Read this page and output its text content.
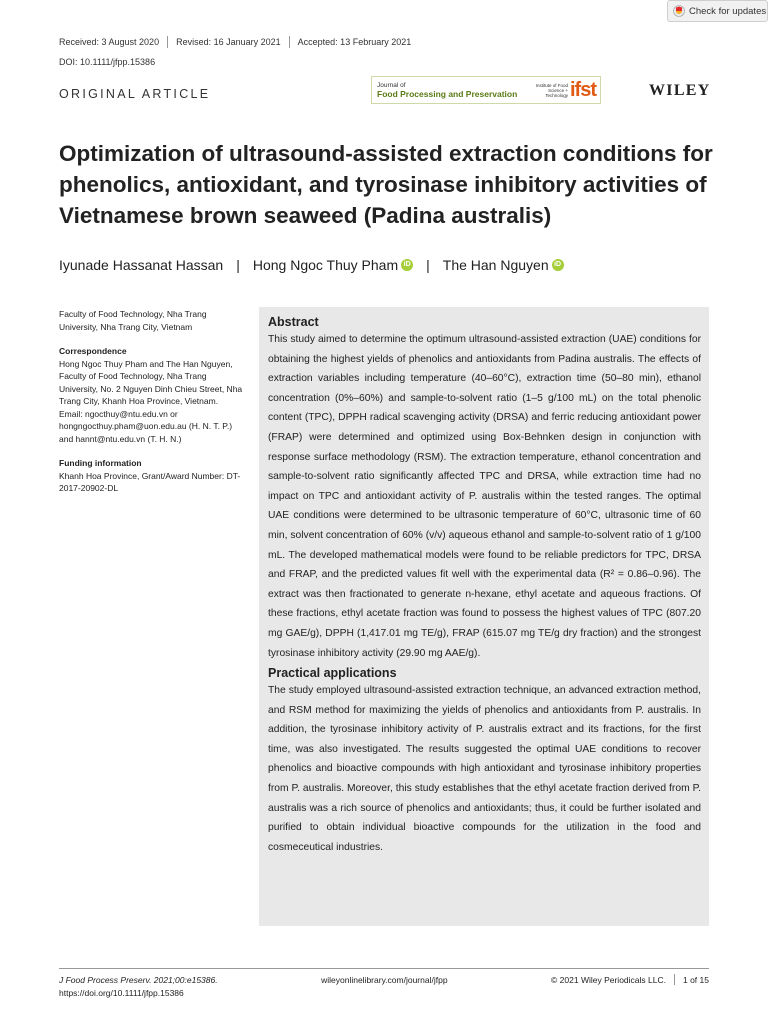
Check for updates
Received: 3 August 2020 Revised: 16 January 2021 Accepted: 13 February 2021
DOI: 10.1111/jfpp.15386
ORIGINAL ARTICLE
Journal of
Food Processing and Preservation
Institute of Food Science + Technology ifst	WILEY
Optimization of ultrasound-assisted extraction conditions for phenolics, antioxidant, and tyrosinase inhibitory activities of Vietnamese brown seaweed (Padina australis)
Iyunade Hassanat Hassan | Hong Ngoc Thuy Pham iD | The Han Nguyen iD

Faculty of Food Technology, Nha Trang University, Nha Trang City, Vietnam

Correspondence

Hong Ngoc Thuy Pham and The Han Nguyen, Faculty of Food Technology, Nha Trang University, No. 2 Nguyen Dinh Chieu Street, Nha Trang City, Khanh Hoa Province, Vietnam.

Email: ngocthuy@ntu.edu.vn or hongngocthuy.pham@uon.edu.au (H. N. T. P.) and hannt@ntu.edu.vn (T. H. N.)

Funding information

Khanh Hoa Province, Grant/Award Number: DT-2017-20902-DL

Abstract

This study aimed to determine the optimum ultrasound-assisted extraction (UAE) conditions for obtaining the highest yields of phenolics and antioxidants from Padina australis. The effects of extraction variables including temperature (40–60°C), extraction time (50–80 min), ethanol concentration (0%–60%) and sample-to-solvent ratio (1–5 g/100 mL) on the total phenolic content (TPC), DPPH radical scavenging activity (DRSA) and ferric reducing antioxidant power (FRAP) were determined and optimized using Box-Behnken design in conjunction with response surface methodology (RSM). The extraction temperature, ethanol concentration and sample-to-solvent ratio significantly affected TPC and DRSA, while extraction time had no impact on TPC and antioxidant activity of P. australis within the tested ranges. The optimal UAE conditions were determined to be ultrasonic temperature of 60°C, ultrasonic time of 60 min, solvent concentration of 60% (v/v) aqueous ethanol and sample-to-solvent ratio of 1 g/100 mL. The developed mathematical models were found to be reliable predictors for TPC, DRSA and FRAP, and the predicted values fit well with the experimental data (R² = 0.86–0.96). The extract was then fractionated to generate n-hexane, ethyl acetate and aqueous fractions. Of these fractions, ethyl acetate fraction was found to possess the highest values of TPC (807.20 mg GAE/g), DPPH (1,417.01 mg TE/g), FRAP (615.07 mg TE/g dry fraction) and the strongest tyrosinase inhibitory activity (29.90 mg AAE/g).

Practical applications

The study employed ultrasound-assisted extraction technique, an advanced extraction method, and RSM method for maximizing the yields of phenolics and antioxidants from P. australis. In addition, the tyrosinase inhibitory activity of P. australis extract and its fractions, for the first time, was also investigated. The results suggested the optimal UAE conditions to recover phenolics and bioactive compounds with high antioxidant and tyrosinase inhibitory properties from P. australis. Moreover, this study establishes that the ethyl acetate fraction derived from P. australis was a rich source of phenolics and antioxidants; thus, it could be further isolated and purified to obtain individual bioactive compounds for the utilization in the food and cosmeceutical industries.

J Food Process Preserv. 2021;00:e15386.	wileyonlinelibrary.com/journal/jfpp	© 2021 Wiley Periodicals LLC. 1 of 15
https://doi.org/10.1111/jfpp.15386
